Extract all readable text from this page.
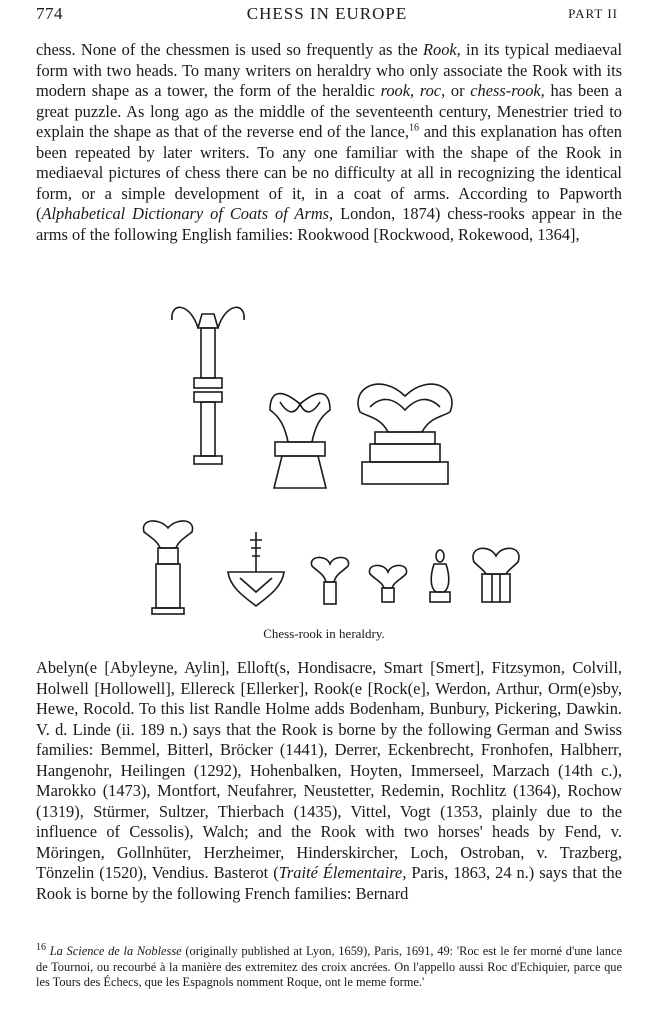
774	CHESS IN EUROPE	PART II
chess. None of the chessmen is used so frequently as the Rook, in its typical mediaeval form with two heads. To many writers on heraldry who only associate the Rook with its modern shape as a tower, the form of the heraldic rook, roc, or chess-rook, has been a great puzzle. As long ago as the middle of the seventeenth century, Menestrier tried to explain the shape as that of the reverse end of the lance,$^{16}$ and this explanation has often been repeated by later writers. To any one familiar with the shape of the Rook in mediaeval pictures of chess there can be no difficulty at all in recognizing the identical form, or a simple development of it, in a coat of arms. According to Papworth (Alphabetical Dictionary of Coats of Arms, London, 1874) chess-rooks appear in the arms of the following English families: Rookwood [Rockwood, Rokewood, 1364],
Chess-rook in heraldry.
Abelyn(e [Abyleyne, Aylin], Elloft(s, Hondisacre, Smart [Smert], Fitzsymon, Colvill, Holwell [Hollowell], Ellereck [Ellerker], Rook(e [Rock(e], Werdon, Arthur, Orm(e)sby, Hewe, Rocold. To this list Randle Holme adds Bodenham, Bunbury, Pickering, Dawkin. V. d. Linde (ii. 189 n.) says that the Rook is borne by the following German and Swiss families: Bemmel, Bitterl, Bröcker (1441), Derrer, Eckenbrecht, Fronhofen, Halbherr, Hangenohr, Heilingen (1292), Hohenbalken, Hoyten, Immerseel, Marzach (14th c.), Marokko (1473), Montfort, Neufahrer, Neustetter, Redemin, Rochlitz (1364), Rochow (1319), Stürmer, Sultzer, Thierbach (1435), Vittel, Vogt (1353, plainly due to the influence of Cessolis), Walch; and the Rook with two horses' heads by Fend, v. Möringen, Gollnhüter, Herzheimer, Hinderskircher, Loch, Ostroban, v. Trazberg, Tönzelin (1520), Vendius. Basterot (Traité Élementaire, Paris, 1863, 24 n.) says that the Rook is borne by the following French families: Bernard
$^{16}$ La Science de la Noblesse (originally published at Lyon, 1659), Paris, 1691, 49: 'Roc est le fer morné d'une lance de Tournoi, ou recourbé à la manière des extremitez des croix ancrées. On l'appello aussi Roc d'Echiquier, parce que les Tours des Échecs, que les Espagnols nomment Roque, ont le meme forme.'
